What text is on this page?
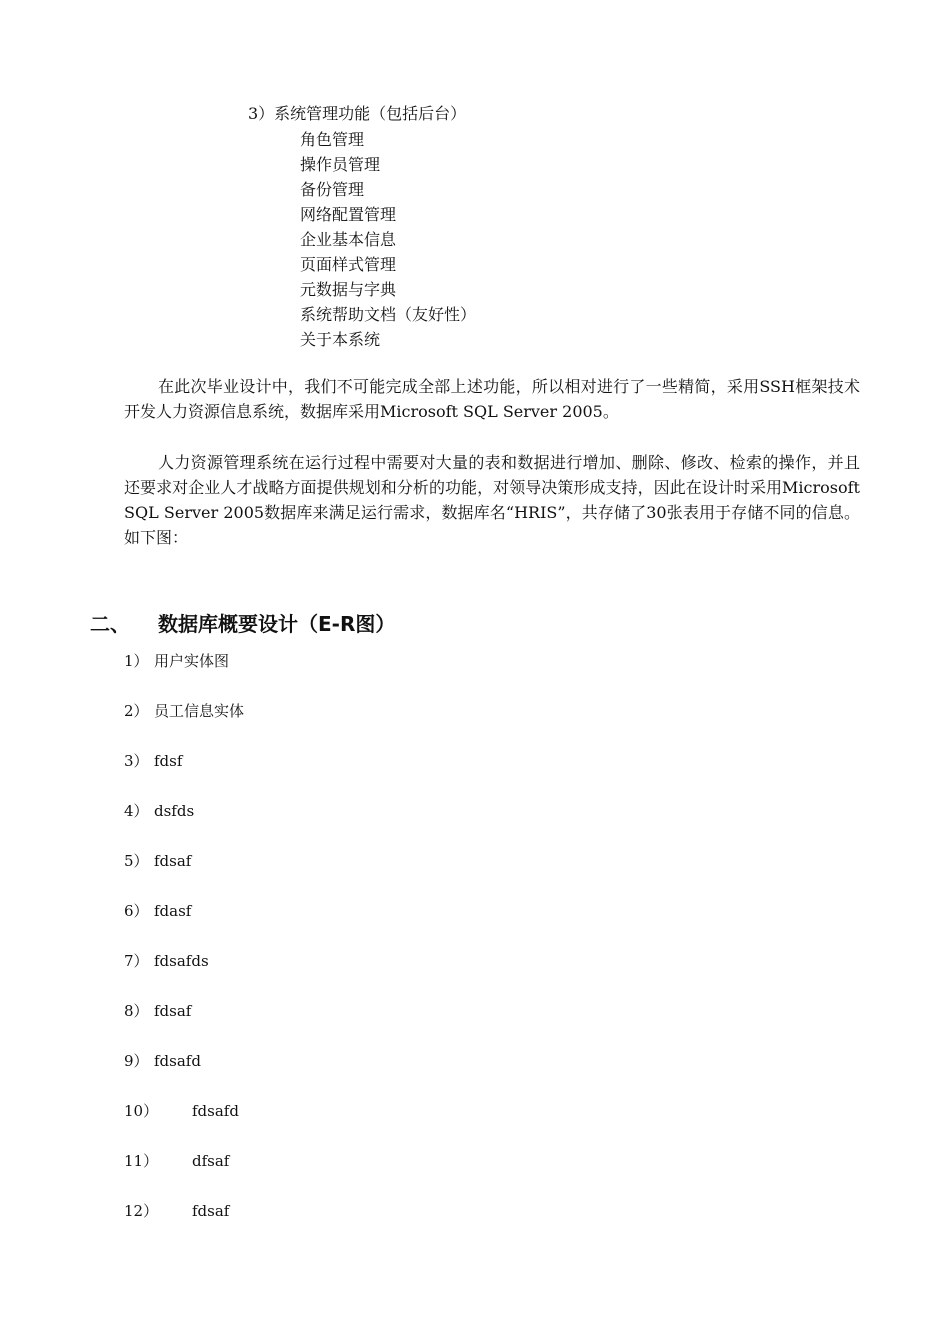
3）系统管理功能（包括后台）
角色管理
操作员管理
备份管理
网络配置管理
企业基本信息
页面样式管理
元数据与字典
系统帮助文档（友好性）
关于本系统

在此次毕业设计中，我们不可能完成全部上述功能，所以相对进行了一些精简，采用SSH框架技术开发人力资源信息系统，数据库采用Microsoft SQL Server 2005。

人力资源管理系统在运行过程中需要对大量的表和数据进行增加、删除、修改、检索的操作，并且还要求对企业人才战略方面提供规划和分析的功能，对领导决策形成支持，因此在设计时采用Microsoft SQL Server 2005数据库来满足运行需求，数据库名“HRIS”，共存储了30张表用于存储不同的信息。如下图：

二、 数据库概要设计（E-R图）
1） 用户实体图
2） 员工信息实体
3） fdsf
4） dsfds
5） fdsaf
6） fdasf
7） fdsafds
8） fdsaf
9） fdsafd
10） fdsafd
11） dfsaf
12） fdsaf
